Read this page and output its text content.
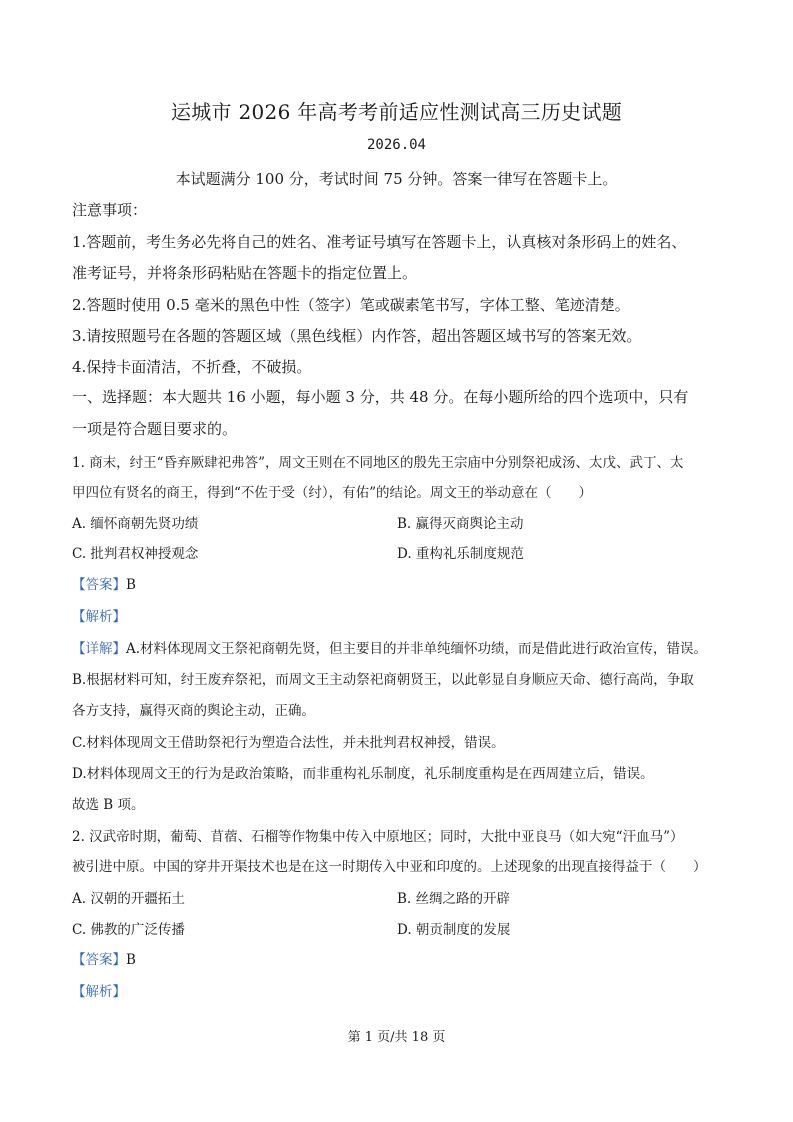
运城市 2026 年高考考前适应性测试高三历史试题
2026.04
本试题满分 100 分，考试时间 75 分钟。答案一律写在答题卡上。
注意事项：
1.答题前，考生务必先将自己的姓名、准考证号填写在答题卡上，认真核对条形码上的姓名、
准考证号，并将条形码粘贴在答题卡的指定位置上。
2.答题时使用 0.5 毫米的黑色中性（签字）笔或碳素笔书写，字体工整、笔迹清楚。
3.请按照题号在各题的答题区域（黑色线框）内作答，超出答题区域书写的答案无效。
4.保持卡面清洁，不折叠，不破损。
一、选择题：本大题共 16 小题，每小题 3 分，共 48 分。在每小题所给的四个选项中，只有
一项是符合题目要求的。
1. 商末，纣王“昏弃厥肆祀弗答”，周文王则在不同地区的殷先王宗庙中分别祭祀成汤、太戊、武丁、太
甲四位有贤名的商王，得到“不佐于受（纣），有佑”的结论。周文王的举动意在（　　）
A. 缅怀商朝先贤功绩	B. 赢得灭商舆论主动
C. 批判君权神授观念	D. 重构礼乐制度规范
【答案】B
【解析】
【详解】A.材料体现周文王祭祀商朝先贤，但主要目的并非单纯缅怀功绩，而是借此进行政治宣传，错误。
B.根据材料可知，纣王废弃祭祀，而周文王主动祭祀商朝贤王，以此彰显自身顺应天命、德行高尚，争取
各方支持，赢得灭商的舆论主动，正确。
C.材料体现周文王借助祭祀行为塑造合法性，并未批判君权神授，错误。
D.材料体现周文王的行为是政治策略，而非重构礼乐制度，礼乐制度重构是在西周建立后，错误。
故选 B 项。
2. 汉武帝时期，葡萄、苜蓿、石榴等作物集中传入中原地区；同时，大批中亚良马（如大宛“汗血马”）
被引进中原。中国的穿井开渠技术也是在这一时期传入中亚和印度的。上述现象的出现直接得益于（　　）
A. 汉朝的开疆拓土	B. 丝绸之路的开辟
C. 佛教的广泛传播	D. 朝贡制度的发展
【答案】B
【解析】
第 1 页/共 18 页
